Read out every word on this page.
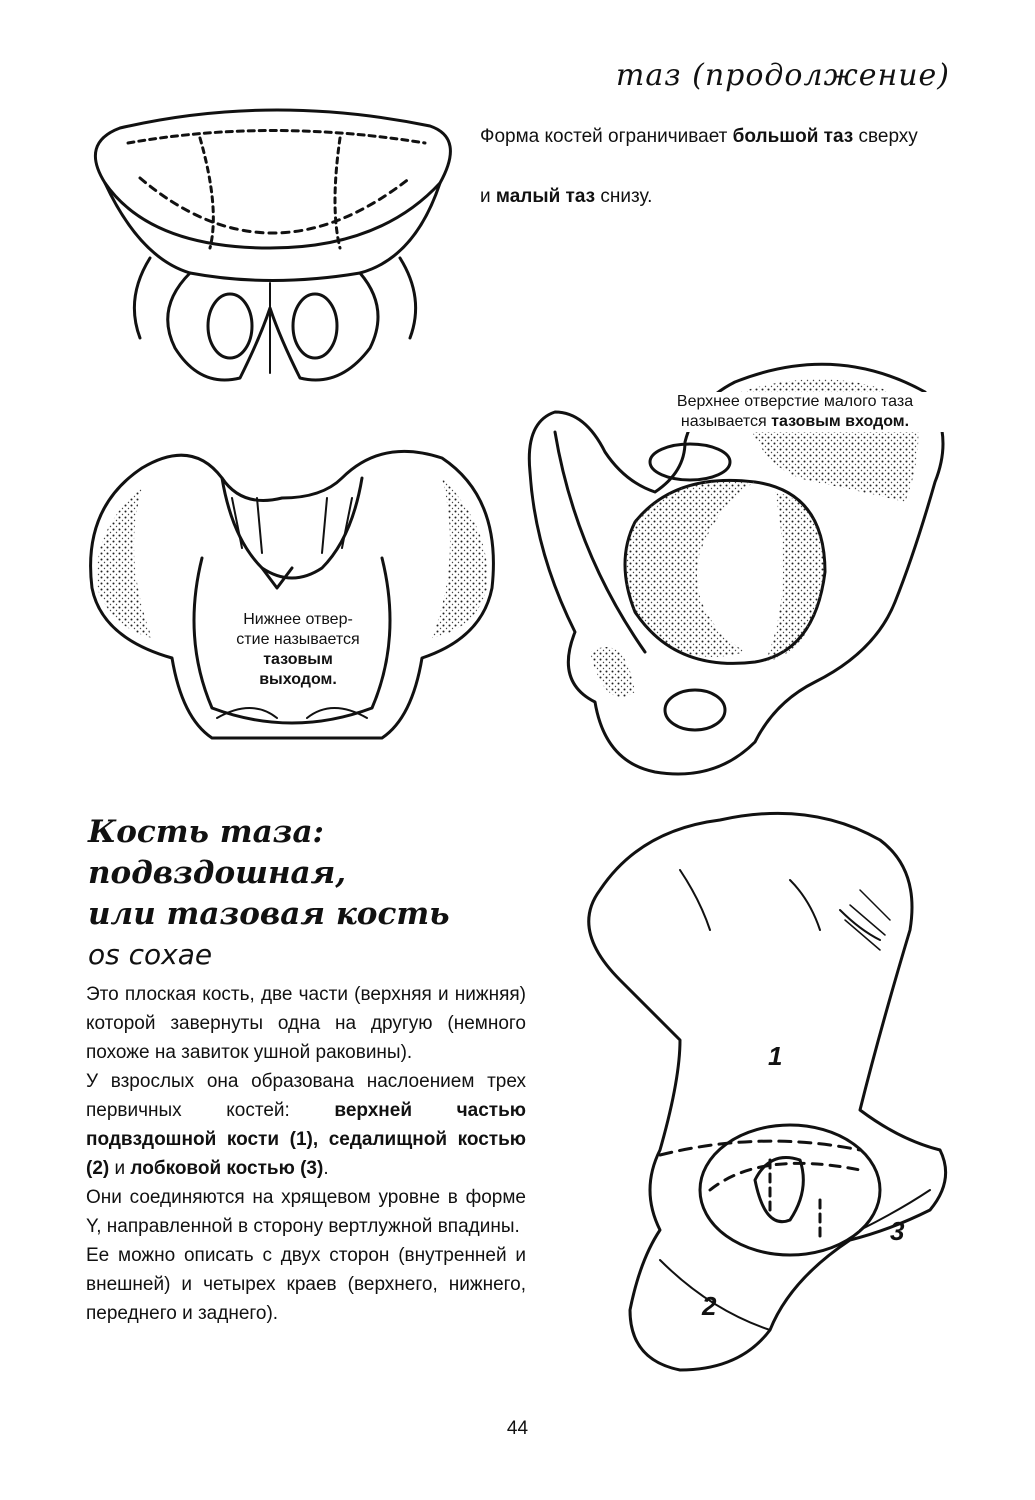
таз (продолжение)

Форма костей ограничивает большой таз сверху

и малый таз снизу.

Нижнее отвер-
стие называется
тазовым
выходом.
Верхнее отверстие малого таза
называется тазовым входом.
Кость таза:
подвздошная,
или тазовая кость
os coxae

Это плоская кость, две части (верхняя и нижняя) которой завернуты одна на другую (немного похоже на завиток ушной раковины).

У взрослых она образована наслоением трех первичных костей: верхней частью подвздошной кости (1), седалищной костью (2) и лобковой костью (3).

Они соединяются на хрящевом уровне в форме Y, направленной в сторону вертлужной впадины.

Ее можно описать с двух сторон (внутренней и внешней) и четырех краев (верхнего, нижнего, переднего и заднего).

1
2
3
44
